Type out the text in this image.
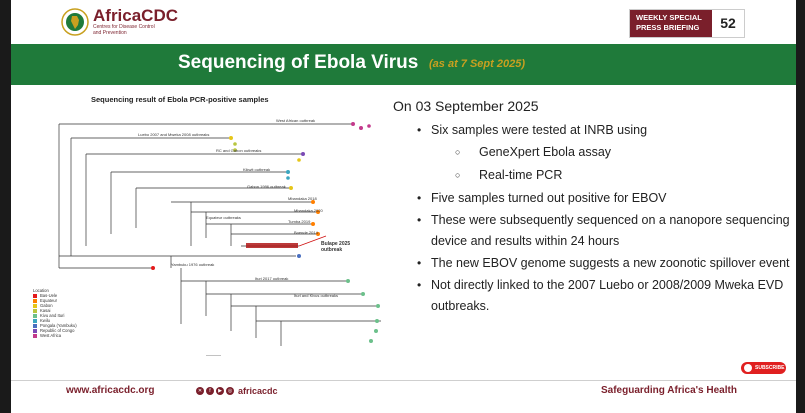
AfricaCDC
Centres for Disease Control and Prevention
WEEKLY SPECIAL PRESS BRIEFING	52
Sequencing of Ebola Virus (as at 7 Sept 2025)
Sequencing result of Ebola PCR-positive samples
West African outbreak
Luebo 2007 and Mweka 2008 outbreaks
RC and Gabon outbreaks
Kikwit outbreak
Gabon 1996 outbreak
Mbandaka 2018
Mbandaka 2020
Tumba 2019
Boende 2014
Equateur outbreaks
Yambuku 1976 outbreak
Ituri 2017 outbreak
Ituri and Kivus outbreaks
Bulape 2025 outbreak
Location
Bas-Uele
Equateur
Gabon
Kasai
Kivu and Ituri
Kwilu
Pongala (Yambuku)
Republic of Congo
West Africa
On 03 September 2025
• Six samples were tested at INRB using
○ GeneXpert Ebola assay
○ Real-time PCR
• Five samples turned out positive for EBOV
• These were subsequently sequenced on a nanopore sequencing device and results within 24 hours
• The new EBOV genome suggests a new zoonotic spillover event
• Not directly linked to the 2007 Luebo or 2008/2009 Mweka EVD outbreaks.
SUBSCRIBE
www.africacdc.org	✕	f	▶	◎ africacdc	Safeguarding Africa's Health
